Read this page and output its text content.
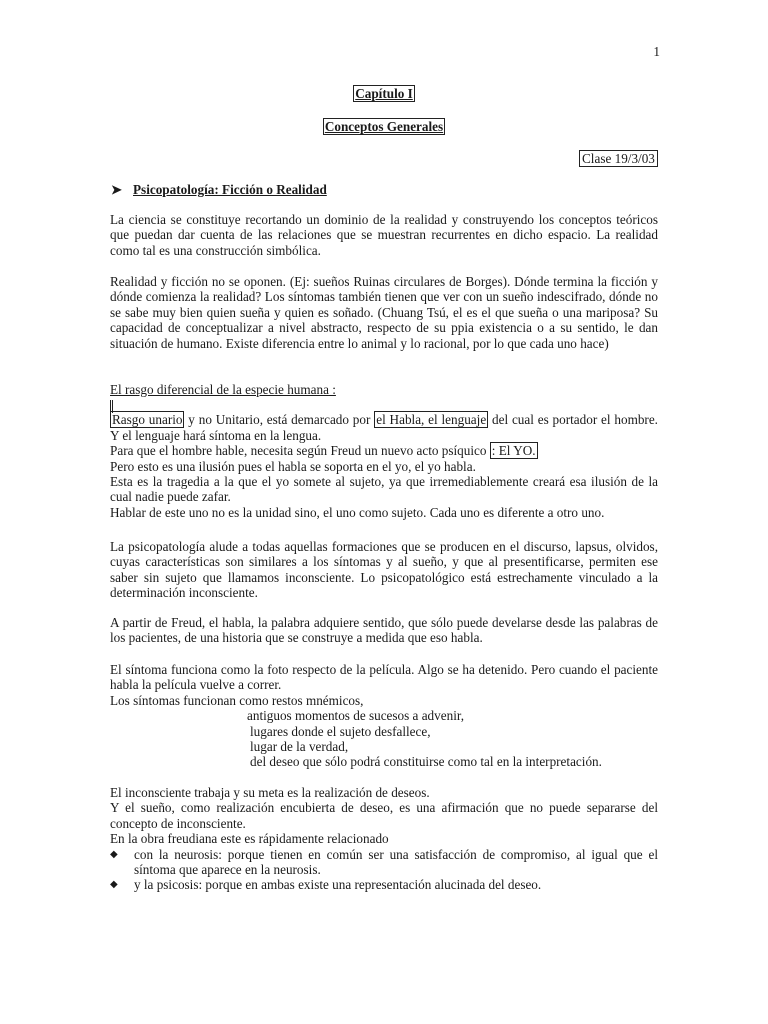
1
Capítulo I
Conceptos Generales
Clase 19/3/03
➤ Psicopatología: Ficción o Realidad
La ciencia se constituye recortando un dominio de la realidad y construyendo los conceptos teóricos que puedan dar cuenta de las relaciones que se muestran recurrentes en dicho espacio. La realidad como tal es una construcción simbólica.
Realidad y ficción no se oponen. (Ej: sueños Ruinas circulares de Borges). Dónde termina la ficción y dónde comienza la realidad? Los síntomas también tienen que ver con un sueño indescifrado, dónde no se sabe muy bien quien sueña y quien es soñado. (Chuang Tsú, el es el que sueña o una mariposa? Su capacidad de conceptualizar a nivel abstracto, respecto de su ppia existencia o a su sentido, le dan situación de humano. Existe diferencia entre lo animal y lo racional, por lo que cada uno hace)

El rasgo diferencial de la especie humana :

Rasgo unario y no Unitario, está demarcado por el Habla, el lenguaje del cual es portador el hombre. Y el lenguaje hará síntoma en la lengua.

Para que el hombre hable, necesita según Freud un nuevo acto psíquico : El YO.

Pero esto es una ilusión pues el habla se soporta en el yo, el yo habla.

Esta es la tragedia a la que el yo somete al sujeto, ya que irremediablemente creará esa ilusión de la cual nadie puede zafar.

Hablar de este uno no es la unidad sino, el uno como sujeto. Cada uno es diferente a otro uno.

La psicopatología alude a todas aquellas formaciones que se producen en el discurso, lapsus, olvidos, cuyas características son similares a los síntomas y al sueño, y que al presentificarse, permiten ese saber sin sujeto que llamamos inconsciente. Lo psicopatológico está estrechamente vinculado a la determinación inconsciente.
A partir de Freud, el habla, la palabra adquiere sentido, que sólo puede develarse desde las palabras de los pacientes, de una historia que se construye a medida que eso habla.

El síntoma funciona como la foto respecto de la película. Algo se ha detenido. Pero cuando el paciente habla la película vuelve a correr.

Los síntomas funcionan como restos mnémicos,

antiguos momentos de sucesos a advenir,

lugares donde el sujeto desfallece,

lugar de la verdad,

del deseo que sólo podrá constituirse como tal en la interpretación.

El inconsciente trabaja y su meta es la realización de deseos.

Y el sueño, como realización encubierta de deseo, es una afirmación que no puede separarse del concepto de inconsciente.

En la obra freudiana este es rápidamente relacionado

◆ con la neurosis: porque tienen en común ser una satisfacción de compromiso, al igual que el síntoma que aparece en la neurosis.

◆ y la psicosis: porque en ambas existe una representación alucinada del deseo.
